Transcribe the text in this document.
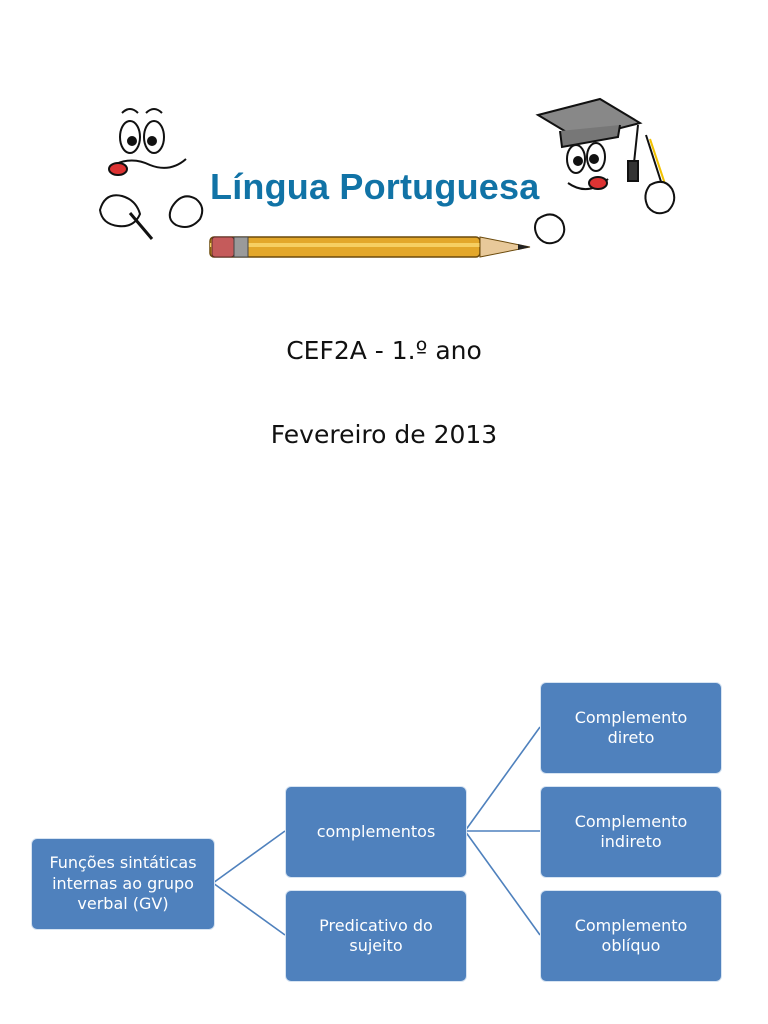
Língua Portuguesa
CEF2A - 1.º ano
Fevereiro de 2013
Funções sintáticas
internas ao grupo
verbal (GV)
complementos
Predicativo do
sujeito
Complemento
direto
Complemento
indireto
Complemento
oblíquo
